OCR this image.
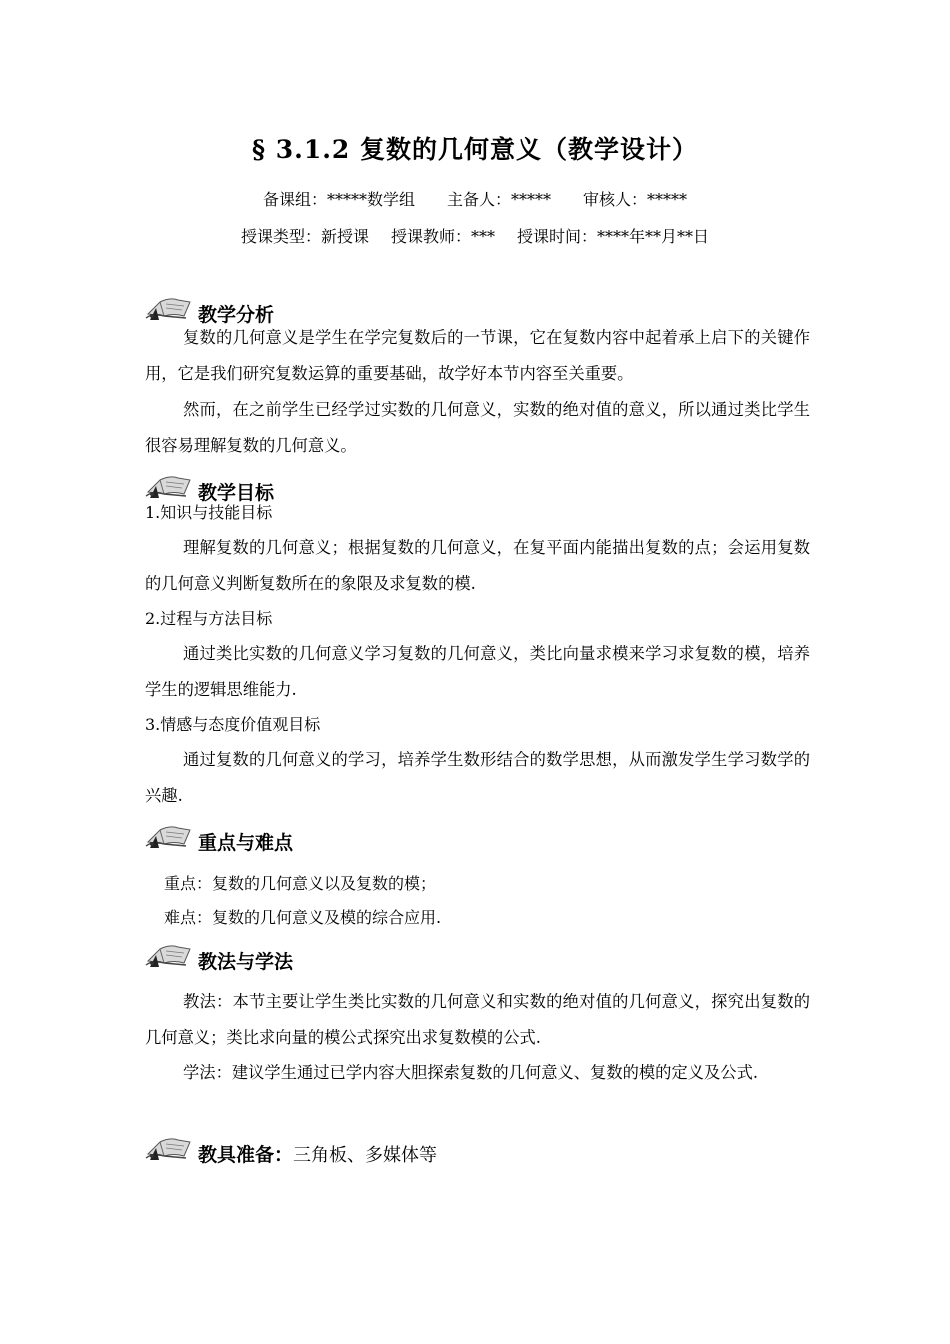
§ 3.1.2 复数的几何意义（教学设计）
备课组：*****数学组 主备人：***** 审核人：*****
授课类型：新授课 授课教师：*** 授课时间：****年**月**日
教学分析
复数的几何意义是学生在学完复数后的一节课，它在复数内容中起着承上启下的关键作用，它是我们研究复数运算的重要基础，故学好本节内容至关重要。
然而，在之前学生已经学过实数的几何意义，实数的绝对值的意义，所以通过类比学生很容易理解复数的几何意义。
教学目标
1.知识与技能目标
理解复数的几何意义；根据复数的几何意义，在复平面内能描出复数的点；会运用复数的几何意义判断复数所在的象限及求复数的模.
2.过程与方法目标
通过类比实数的几何意义学习复数的几何意义，类比向量求模来学习求复数的模，培养学生的逻辑思维能力.
3.情感与态度价值观目标
通过复数的几何意义的学习，培养学生数形结合的数学思想，从而激发学生学习数学的兴趣.
重点与难点
重点：复数的几何意义以及复数的模；
难点：复数的几何意义及模的综合应用.
教法与学法
教法：本节主要让学生类比实数的几何意义和实数的绝对值的几何意义，探究出复数的几何意义；类比求向量的模公式探究出求复数模的公式.
学法：建议学生通过已学内容大胆探索复数的几何意义、复数的模的定义及公式.
教具准备：三角板、多媒体等
